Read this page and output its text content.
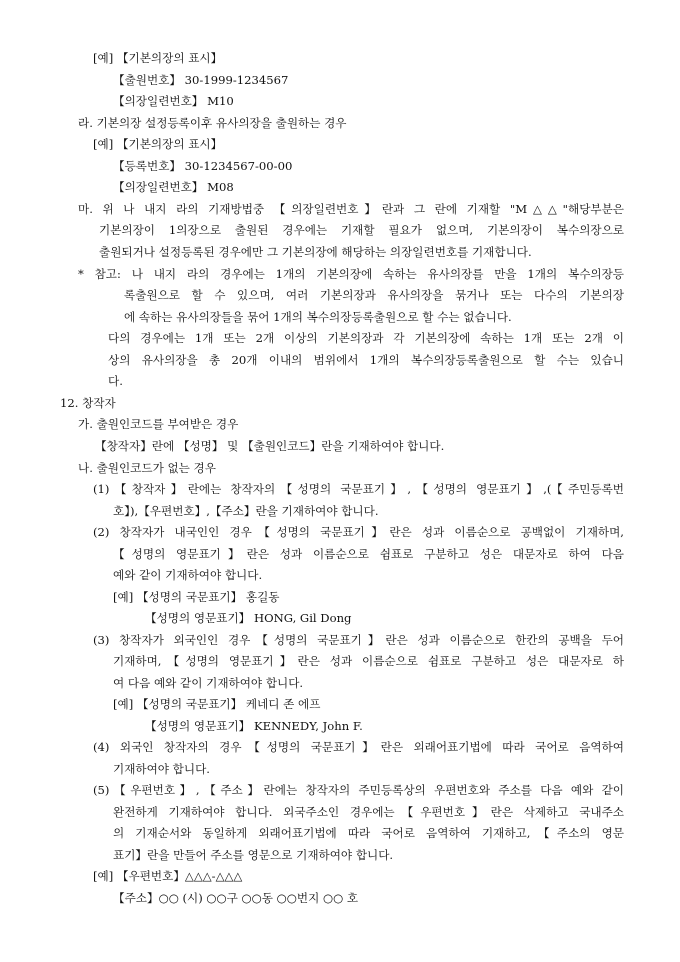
[예] 【기본의장의 표시】
【출원번호】 30-1999-1234567
【의장일련번호】 M10
라. 기본의장 설정등록이후 유사의장을 출원하는 경우
[예] 【기본의장의 표시】
【등록번호】 30-1234567-00-00
【의장일련번호】 M08
마. 위 나 내지 라의 기재방법중 【의장일련번호】란과 그 란에 기재할 "M△△"해당부분은
기본의장이 1의장으로 출원된 경우에는 기재할 필요가 없으며, 기본의장이 복수의장으로
출원되거나 설정등록된 경우에만 그 기본의장에 해당하는 의장일련번호를 기재합니다.
* 참고: 나 내지 라의 경우에는 1개의 기본의장에 속하는 유사의장를 만을 1개의 복수의장등
록출원으로 할 수 있으며, 여러 기본의장과 유사의장을 묶거나 또는 다수의 기본의장
에 속하는 유사의장들을 묶어 1개의 복수의장등록출원으로 할 수는 없습니다.
다의 경우에는 1개 또는 2개 이상의 기본의장과 각 기본의장에 속하는 1개 또는 2개 이
상의 유사의장을 총 20개 이내의 범위에서 1개의 복수의장등록출원으로 할 수는 있습니
다.
12. 창작자
가. 출원인코드를 부여받은 경우
【창작자】란에 【성명】 및 【출원인코드】란을 기재하여야 합니다.
나. 출원인코드가 없는 경우
(1)【창작자】란에는 창작자의【성명의 국문표기】,【성명의 영문표기】,(【주민등록번
호】),【우편번호】,【주소】란을 기재하여야 합니다.
(2) 창작자가 내국인인 경우【성명의 국문표기】란은 성과 이름순으로 공백없이 기재하며,
【성명의 영문표기】란은 성과 이름순으로 쉼표로 구분하고 성은 대문자로 하여 다음
예와 같이 기재하여야 합니다.
[예] 【성명의 국문표기】 홍길동
【성명의 영문표기】 HONG, Gil Dong
(3) 창작자가 외국인인 경우【성명의 국문표기】란은 성과 이름순으로 한칸의 공백을 두어
기재하며,【성명의 영문표기】란은 성과 이름순으로 쉼표로 구분하고 성은 대문자로 하
여 다음 예와 같이 기재하여야 합니다.
[예] 【성명의 국문표기】 케네디 존 에프
【성명의 영문표기】 KENNEDY, John F.
(4) 외국인 창작자의 경우【성명의 국문표기】란은 외래어표기법에 따라 국어로 음역하여
기재하여야 합니다.
(5)【우편번호】,【주소】란에는 창작자의 주민등록상의 우편번호와 주소를 다음 예와 같이
완전하게 기재하여야 합니다. 외국주소인 경우에는【우편번호】란은 삭제하고 국내주소
의 기재순서와 동일하게 외래어표기법에 따라 국어로 음역하여 기재하고,【주소의 영문
표기】란을 만들어 주소를 영문으로 기재하여야 합니다.
[예] 【우편번호】△△△-△△△
【주소】○○ (시) ○○구 ○○동 ○○번지 ○○ 호
